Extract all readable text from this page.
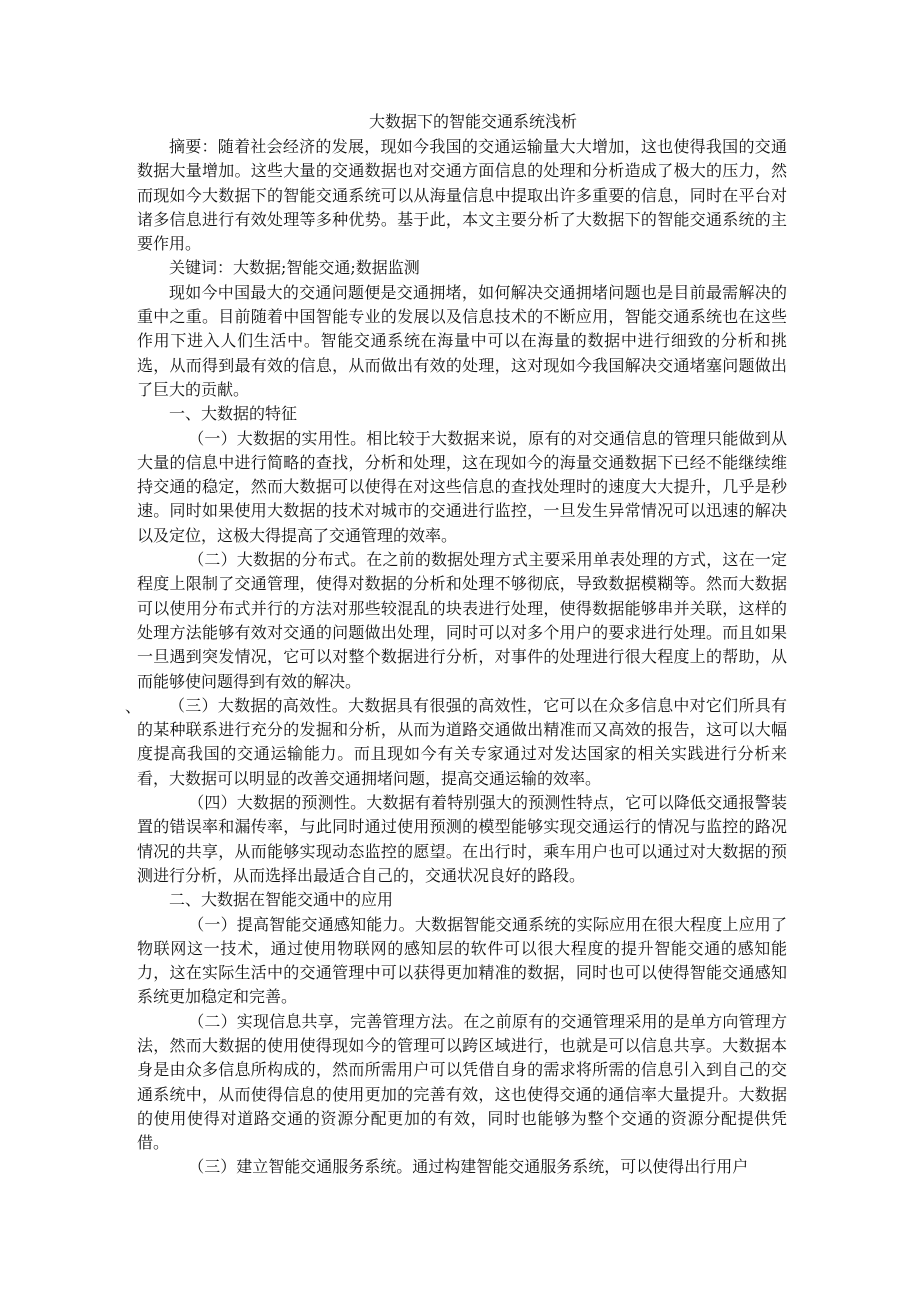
大数据下的智能交通系统浅析

摘要：随着社会经济的发展，现如今我国的交通运输量大大增加，这也使得我国的交通数据大量增加。这些大量的交通数据也对交通方面信息的处理和分析造成了极大的压力，然而现如今大数据下的智能交通系统可以从海量信息中提取出许多重要的信息，同时在平台对诸多信息进行有效处理等多种优势。基于此，本文主要分析了大数据下的智能交通系统的主要作用。

关键词：大数据;智能交通;数据监测

现如今中国最大的交通问题便是交通拥堵，如何解决交通拥堵问题也是目前最需解决的重中之重。目前随着中国智能专业的发展以及信息技术的不断应用，智能交通系统也在这些作用下进入人们生活中。智能交通系统在海量中可以在海量的数据中进行细致的分析和挑选，从而得到最有效的信息，从而做出有效的处理，这对现如今我国解决交通堵塞问题做出了巨大的贡献。

一、大数据的特征

（一）大数据的实用性。相比较于大数据来说，原有的对交通信息的管理只能做到从大量的信息中进行简略的查找，分析和处理，这在现如今的海量交通数据下已经不能继续维持交通的稳定，然而大数据可以使得在对这些信息的查找处理时的速度大大提升，几乎是秒速。同时如果使用大数据的技术对城市的交通进行监控，一旦发生异常情况可以迅速的解决以及定位，这极大得提高了交通管理的效率。

（二）大数据的分布式。在之前的数据处理方式主要采用单表处理的方式，这在一定程度上限制了交通管理，使得对数据的分析和处理不够彻底，导致数据模糊等。然而大数据可以使用分布式并行的方法对那些较混乱的块表进行处理，使得数据能够串并关联，这样的处理方法能够有效对交通的问题做出处理，同时可以对多个用户的要求进行处理。而且如果一旦遇到突发情况，它可以对整个数据进行分析，对事件的处理进行很大程度上的帮助，从而能够使问题得到有效的解决。

、	（三）大数据的高效性。大数据具有很强的高效性，它可以在众多信息中对它们所具有的某种联系进行充分的发掘和分析，从而为道路交通做出精准而又高效的报告，这可以大幅度提高我国的交通运输能力。而且现如今有关专家通过对发达国家的相关实践进行分析来看，大数据可以明显的改善交通拥堵问题，提高交通运输的效率。

（四）大数据的预测性。大数据有着特别强大的预测性特点，它可以降低交通报警装置的错误率和漏传率，与此同时通过使用预测的模型能够实现交通运行的情况与监控的路况情况的共享，从而能够实现动态监控的愿望。在出行时，乘车用户也可以通过对大数据的预测进行分析，从而选择出最适合自己的，交通状况良好的路段。

二、大数据在智能交通中的应用

（一）提高智能交通感知能力。大数据智能交通系统的实际应用在很大程度上应用了物联网这一技术，通过使用物联网的感知层的软件可以很大程度的提升智能交通的感知能力，这在实际生活中的交通管理中可以获得更加精准的数据，同时也可以使得智能交通感知系统更加稳定和完善。

（二）实现信息共享，完善管理方法。在之前原有的交通管理采用的是单方向管理方法，然而大数据的使用使得现如今的管理可以跨区域进行，也就是可以信息共享。大数据本身是由众多信息所构成的，然而所需用户可以凭借自身的需求将所需的信息引入到自己的交通系统中，从而使得信息的使用更加的完善有效，这也使得交通的通信率大量提升。大数据的使用使得对道路交通的资源分配更加的有效，同时也能够为整个交通的资源分配提供凭借。

（三）建立智能交通服务系统。通过构建智能交通服务系统，可以使得出行用户
